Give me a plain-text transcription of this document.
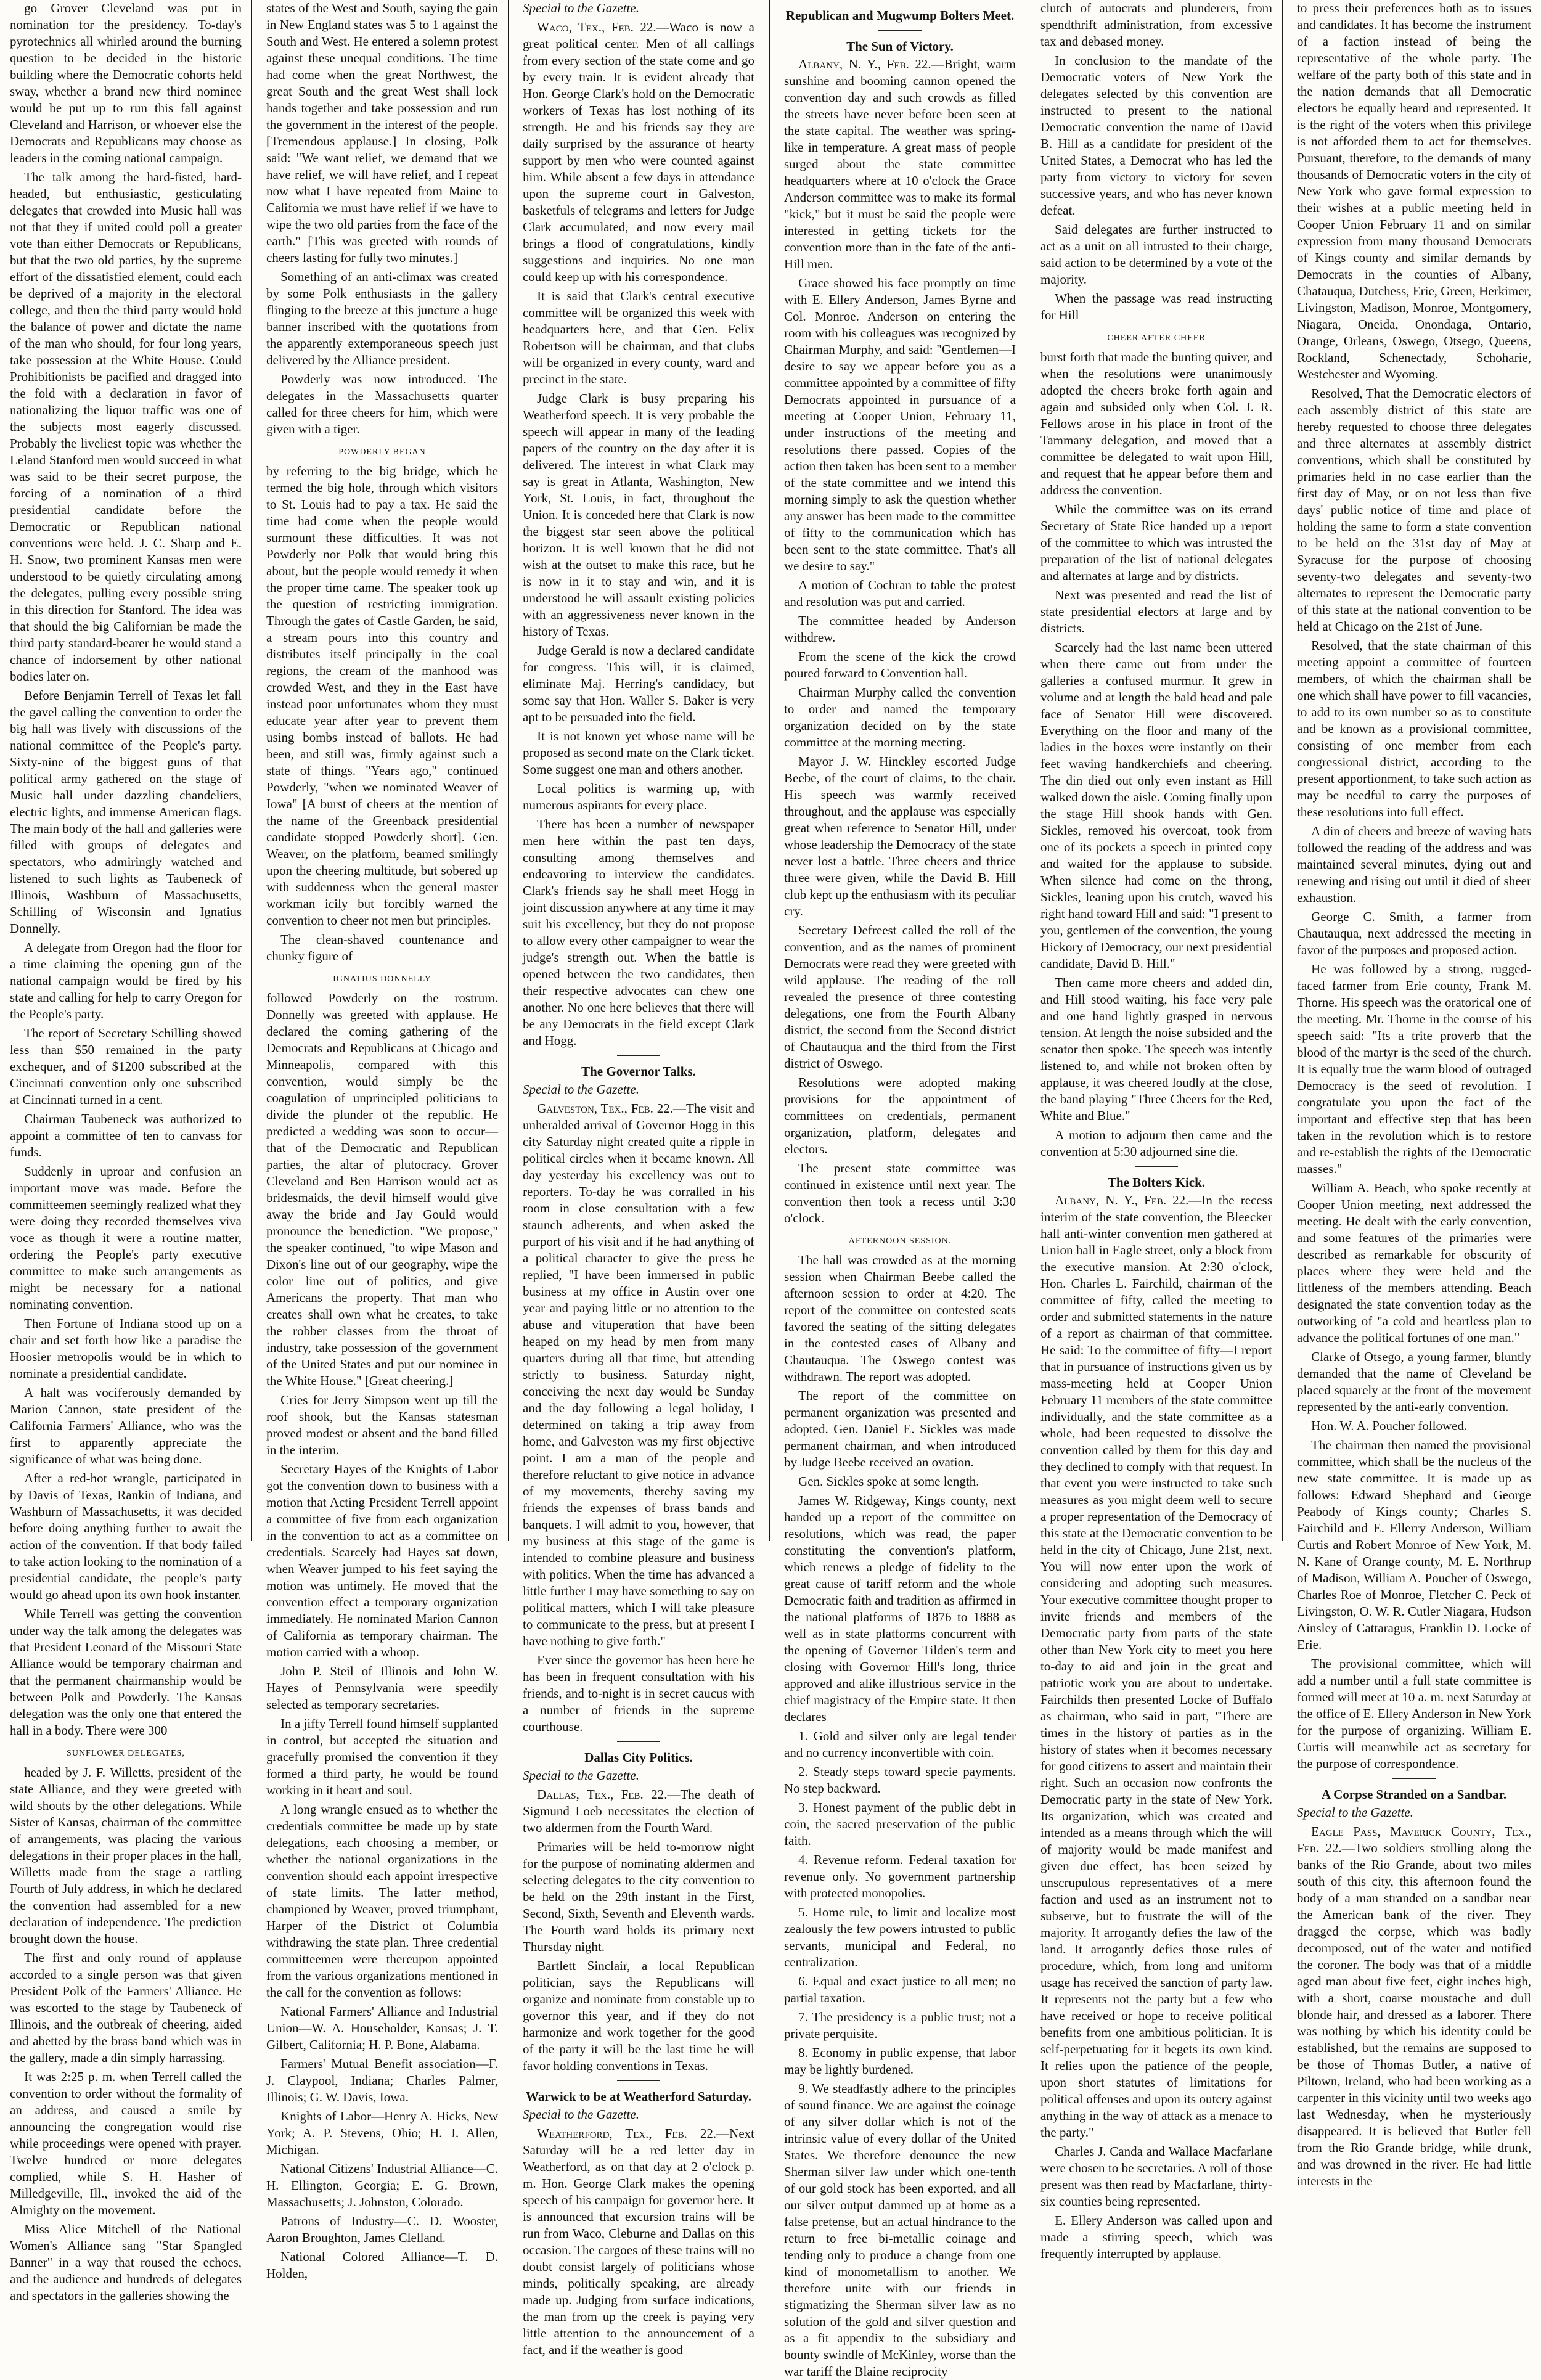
go Grover Cleveland was put in nomination for the presidency. To-day's pyrotechnics all whirled around the burning question to be decided in the historic building where the Democratic cohorts held sway, whether a brand new third nominee would be put up to run this fall against Cleveland and Harrison, or whoever else the Democrats and Republicans may choose as leaders in the coming national campaign.

The talk among the hard-fisted, hard-headed, but enthusiastic, gesticulating delegates that crowded into Music hall was not that they if united could poll a greater vote than either Democrats or Republicans, but that the two old parties, by the supreme effort of the dissatisfied element, could each be deprived of a majority in the electoral college, and then the third party would hold the balance of power and dictate the name of the man who should, for four long years, take possession at the White House. Could Prohibitionists be pacified and dragged into the fold with a declaration in favor of nationalizing the liquor traffic was one of the subjects most eagerly discussed. Probably the liveliest topic was whether the Leland Stanford men would succeed in what was said to be their secret purpose, the forcing of a nomination of a third presidential candidate before the Democratic or Republican national conventions were held. J. C. Sharp and E. H. Snow, two prominent Kansas men were understood to be quietly circulating among the delegates, pulling every possible string in this direction for Stanford. The idea was that should the big Californian be made the third party standard-bearer he would stand a chance of indorsement by other national bodies later on.

Before Benjamin Terrell of Texas let fall the gavel calling the convention to order the big hall was lively with discussions of the national committee of the People's party. Sixty-nine of the biggest guns of that political army gathered on the stage of Music hall under dazzling chandeliers, electric lights, and immense American flags. The main body of the hall and galleries were filled with groups of delegates and spectators, who admiringly watched and listened to such lights as Taubeneck of Illinois, Washburn of Massachusetts, Schilling of Wisconsin and Ignatius Donnelly.

A delegate from Oregon had the floor for a time claiming the opening gun of the national campaign would be fired by his state and calling for help to carry Oregon for the People's party.

The report of Secretary Schilling showed less than $50 remained in the party exchequer, and of $1200 subscribed at the Cincinnati convention only one subscribed at Cincinnati turned in a cent.

Chairman Taubeneck was authorized to appoint a committee of ten to canvass for funds.

Suddenly in uproar and confusion an important move was made. Before the committeemen seemingly realized what they were doing they recorded themselves viva voce as though it were a routine matter, ordering the People's party executive committee to make such arrangements as might be necessary for a national nominating convention.

Then Fortune of Indiana stood up on a chair and set forth how like a paradise the Hoosier metropolis would be in which to nominate a presidential candidate.

A halt was vociferously demanded by Marion Cannon, state president of the California Farmers' Alliance, who was the first to apparently appreciate the significance of what was being done.

After a red-hot wrangle, participated in by Davis of Texas, Rankin of Indiana, and Washburn of Massachusetts, it was decided before doing anything further to await the action of the convention. If that body failed to take action looking to the nomination of a presidential candidate, the people's party would go ahead upon its own hook instanter.

While Terrell was getting the convention under way the talk among the delegates was that President Leonard of the Missouri State Alliance would be temporary chairman and that the permanent chairmanship would be between Polk and Powderly. The Kansas delegation was the only one that entered the hall in a body. There were 300

SUNFLOWER DELEGATES,

headed by J. F. Willetts, president of the state Alliance, and they were greeted with wild shouts by the other delegations. While Sister of Kansas, chairman of the committee of arrangements, was placing the various delegations in their proper places in the hall, Willetts made from the stage a rattling Fourth of July address, in which he declared the convention had assembled for a new declaration of independence. The prediction brought down the house.

The first and only round of applause accorded to a single person was that given President Polk of the Farmers' Alliance. He was escorted to the stage by Taubeneck of Illinois, and the outbreak of cheering, aided and abetted by the brass band which was in the gallery, made a din simply harrassing.

It was 2:25 p. m. when Terrell called the convention to order without the formality of an address, and caused a smile by announcing the congregation would rise while proceedings were opened with prayer. Twelve hundred or more delegates complied, while S. H. Hasher of Milledgeville, Ill., invoked the aid of the Almighty on the movement.

Miss Alice Mitchell of the National Women's Alliance sang "Star Spangled Banner" in a way that roused the echoes, and the audience and hundreds of delegates and spectators in the galleries showing the

states of the West and South, saying the gain in New England states was 5 to 1 against the South and West. He entered a solemn protest against these unequal conditions. The time had come when the great Northwest, the great South and the great West shall lock hands together and take possession and run the government in the interest of the people. [Tremendous applause.] In closing, Polk said: "We want relief, we demand that we have relief, we will have relief, and I repeat now what I have repeated from Maine to California we must have relief if we have to wipe the two old parties from the face of the earth." [This was greeted with rounds of cheers lasting for fully two minutes.]

Something of an anti-climax was created by some Polk enthusiasts in the gallery flinging to the breeze at this juncture a huge banner inscribed with the quotations from the apparently extemporaneous speech just delivered by the Alliance president.

Powderly was now introduced. The delegates in the Massachusetts quarter called for three cheers for him, which were given with a tiger.

POWDERLY BEGAN

by referring to the big bridge, which he termed the big hole, through which visitors to St. Louis had to pay a tax. He said the time had come when the people would surmount these difficulties. It was not Powderly nor Polk that would bring this about, but the people would remedy it when the proper time came. The speaker took up the question of restricting immigration. Through the gates of Castle Garden, he said, a stream pours into this country and distributes itself principally in the coal regions, the cream of the manhood was crowded West, and they in the East have instead poor unfortunates whom they must educate year after year to prevent them using bombs instead of ballots. He had been, and still was, firmly against such a state of things. "Years ago," continued Powderly, "when we nominated Weaver of Iowa" [A burst of cheers at the mention of the name of the Greenback presidential candidate stopped Powderly short]. Gen. Weaver, on the platform, beamed smilingly upon the cheering multitude, but sobered up with suddenness when the general master workman icily but forcibly warned the convention to cheer not men but principles.

The clean-shaved countenance and chunky figure of

IGNATIUS DONNELLY

followed Powderly on the rostrum. Donnelly was greeted with applause. He declared the coming gathering of the Democrats and Republicans at Chicago and Minneapolis, compared with this convention, would simply be the coagulation of unprincipled politicians to divide the plunder of the republic. He predicted a wedding was soon to occur—that of the Democratic and Republican parties, the altar of plutocracy. Grover Cleveland and Ben Harrison would act as bridesmaids, the devil himself would give away the bride and Jay Gould would pronounce the benediction. "We propose," the speaker continued, "to wipe Mason and Dixon's line out of our geography, wipe the color line out of politics, and give Americans the property. That man who creates shall own what he creates, to take the robber classes from the throat of industry, take possession of the government of the United States and put our nominee in the White House." [Great cheering.]

Cries for Jerry Simpson went up till the roof shook, but the Kansas statesman proved modest or absent and the band filled in the interim.

Secretary Hayes of the Knights of Labor got the convention down to business with a motion that Acting President Terrell appoint a committee of five from each organization in the convention to act as a committee on credentials. Scarcely had Hayes sat down, when Weaver jumped to his feet saying the motion was untimely. He moved that the convention effect a temporary organization immediately. He nominated Marion Cannon of California as temporary chairman. The motion carried with a whoop.

John P. Steil of Illinois and John W. Hayes of Pennsylvania were speedily selected as temporary secretaries.

In a jiffy Terrell found himself supplanted in control, but accepted the situation and gracefully promised the convention if they formed a third party, he would be found working in it heart and soul.

A long wrangle ensued as to whether the credentials committee be made up by state delegations, each choosing a member, or whether the national organizations in the convention should each appoint irrespective of state limits. The latter method, championed by Weaver, proved triumphant, Harper of the District of Columbia withdrawing the state plan. Three credential committeemen were thereupon appointed from the various organizations mentioned in the call for the convention as follows:

National Farmers' Alliance and Industrial Union—W. A. Householder, Kansas; J. T. Gilbert, California; H. P. Bone, Alabama.

Farmers' Mutual Benefit association—F. J. Claypool, Indiana; Charles Palmer, Illinois; G. W. Davis, Iowa.

Knights of Labor—Henry A. Hicks, New York; A. P. Stevens, Ohio; H. J. Allen, Michigan.

National Citizens' Industrial Alliance—C. H. Ellington, Georgia; E. G. Brown, Massachusetts; J. Johnston, Colorado.

Patrons of Industry—C. D. Wooster, Aaron Broughton, James Clelland.

National Colored Alliance—T. D. Holden,

Special to the Gazette.

Waco, Tex., Feb. 22.—Waco is now a great political center. Men of all callings from every section of the state come and go by every train. It is evident already that Hon. George Clark's hold on the Democratic workers of Texas has lost nothing of its strength. He and his friends say they are daily surprised by the assurance of hearty support by men who were counted against him. While absent a few days in attendance upon the supreme court in Galveston, basketfuls of telegrams and letters for Judge Clark accumulated, and now every mail brings a flood of congratulations, kindly suggestions and inquiries. No one man could keep up with his correspondence.

It is said that Clark's central executive committee will be organized this week with headquarters here, and that Gen. Felix Robertson will be chairman, and that clubs will be organized in every county, ward and precinct in the state.

Judge Clark is busy preparing his Weatherford speech. It is very probable the speech will appear in many of the leading papers of the country on the day after it is delivered. The interest in what Clark may say is great in Atlanta, Washington, New York, St. Louis, in fact, throughout the Union. It is conceded here that Clark is now the biggest star seen above the political horizon. It is well known that he did not wish at the outset to make this race, but he is now in it to stay and win, and it is understood he will assault existing policies with an aggressiveness never known in the history of Texas.

Judge Gerald is now a declared candidate for congress. This will, it is claimed, eliminate Maj. Herring's candidacy, but some say that Hon. Waller S. Baker is very apt to be persuaded into the field.

It is not known yet whose name will be proposed as second mate on the Clark ticket. Some suggest one man and others another.

Local politics is warming up, with numerous aspirants for every place.

There has been a number of newspaper men here within the past ten days, consulting among themselves and endeavoring to interview the candidates. Clark's friends say he shall meet Hogg in joint discussion anywhere at any time it may suit his excellency, but they do not propose to allow every other campaigner to wear the judge's strength out. When the battle is opened between the two candidates, then their respective advocates can chew one another. No one here believes that there will be any Democrats in the field except Clark and Hogg.

The Governor Talks.

Special to the Gazette.

Galveston, Tex., Feb. 22.—The visit and unheralded arrival of Governor Hogg in this city Saturday night created quite a ripple in political circles when it became known. All day yesterday his excellency was out to reporters. To-day he was corralled in his room in close consultation with a few staunch adherents, and when asked the purport of his visit and if he had anything of a political character to give the press he replied, "I have been immersed in public business at my office in Austin over one year and paying little or no attention to the abuse and vituperation that have been heaped on my head by men from many quarters during all that time, but attending strictly to business. Saturday night, conceiving the next day would be Sunday and the day following a legal holiday, I determined on taking a trip away from home, and Galveston was my first objective point. I am a man of the people and therefore reluctant to give notice in advance of my movements, thereby saving my friends the expenses of brass bands and banquets. I will admit to you, however, that my business at this stage of the game is intended to combine pleasure and business with politics. When the time has advanced a little further I may have something to say on political matters, which I will take pleasure to communicate to the press, but at present I have nothing to give forth."

Ever since the governor has been here he has been in frequent consultation with his friends, and to-night is in secret caucus with a number of friends in the supreme courthouse.

Dallas City Politics.

Special to the Gazette.

Dallas, Tex., Feb. 22.—The death of Sigmund Loeb necessitates the election of two aldermen from the Fourth Ward.

Primaries will be held to-morrow night for the purpose of nominating aldermen and selecting delegates to the city convention to be held on the 29th instant in the First, Second, Sixth, Seventh and Eleventh wards. The Fourth ward holds its primary next Thursday night.

Bartlett Sinclair, a local Republican politician, says the Republicans will organize and nominate from constable up to governor this year, and if they do not harmonize and work together for the good of the party it will be the last time he will favor holding conventions in Texas.

Warwick to be at Weatherford Saturday.

Special to the Gazette.

Weatherford, Tex., Feb. 22.—Next Saturday will be a red letter day in Weatherford, as on that day at 2 o'clock p. m. Hon. George Clark makes the opening speech of his campaign for governor here. It is announced that excursion trains will be run from Waco, Cleburne and Dallas on this occasion. The cargoes of these trains will no doubt consist largely of politicians whose minds, politically speaking, are already made up. Judging from surface indications, the man from up the creek is paying very little attention to the announcement of a fact, and if the weather is good

Republican and Mugwump Bolters Meet.
The Sun of Victory.

Albany, N. Y., Feb. 22.—Bright, warm sunshine and booming cannon opened the convention day and such crowds as filled the streets have never before been seen at the state capital. The weather was spring-like in temperature. A great mass of people surged about the state committee headquarters where at 10 o'clock the Grace Anderson committee was to make its formal "kick," but it must be said the people were interested in getting tickets for the convention more than in the fate of the anti-Hill men.

Grace showed his face promptly on time with E. Ellery Anderson, James Byrne and Col. Monroe. Anderson on entering the room with his colleagues was recognized by Chairman Murphy, and said: "Gentlemen—I desire to say we appear before you as a committee appointed by a committee of fifty Democrats appointed in pursuance of a meeting at Cooper Union, February 11, under instructions of the meeting and resolutions there passed. Copies of the action then taken has been sent to a member of the state committee and we intend this morning simply to ask the question whether any answer has been made to the committee of fifty to the communication which has been sent to the state committee. That's all we desire to say."

A motion of Cochran to table the protest and resolution was put and carried.

The committee headed by Anderson withdrew.

From the scene of the kick the crowd poured forward to Convention hall.

Chairman Murphy called the convention to order and named the temporary organization decided on by the state committee at the morning meeting.

Mayor J. W. Hinckley escorted Judge Beebe, of the court of claims, to the chair. His speech was warmly received throughout, and the applause was especially great when reference to Senator Hill, under whose leadership the Democracy of the state never lost a battle. Three cheers and thrice three were given, while the David B. Hill club kept up the enthusiasm with its peculiar cry.

Secretary Defreest called the roll of the convention, and as the names of prominent Democrats were read they were greeted with wild applause. The reading of the roll revealed the presence of three contesting delegations, one from the Fourth Albany district, the second from the Second district of Chautauqua and the third from the First district of Oswego.

Resolutions were adopted making provisions for the appointment of committees on credentials, permanent organization, platform, delegates and electors.

The present state committee was continued in existence until next year. The convention then took a recess until 3:30 o'clock.

AFTERNOON SESSION.

The hall was crowded as at the morning session when Chairman Beebe called the afternoon session to order at 4:20. The report of the committee on contested seats favored the seating of the sitting delegates in the contested cases of Albany and Chautauqua. The Oswego contest was withdrawn. The report was adopted.

The report of the committee on permanent organization was presented and adopted. Gen. Daniel E. Sickles was made permanent chairman, and when introduced by Judge Beebe received an ovation.

Gen. Sickles spoke at some length.

James W. Ridgeway, Kings county, next handed up a report of the committee on resolutions, which was read, the paper constituting the convention's platform, which renews a pledge of fidelity to the great cause of tariff reform and the whole Democratic faith and tradition as affirmed in the national platforms of 1876 to 1888 as well as in state platforms concurrent with the opening of Governor Tilden's term and closing with Governor Hill's long, thrice approved and alike illustrious service in the chief magistracy of the Empire state. It then declares

1. Gold and silver only are legal tender and no currency inconvertible with coin.

2. Steady steps toward specie payments. No step backward.

3. Honest payment of the public debt in coin, the sacred preservation of the public faith.

4. Revenue reform. Federal taxation for revenue only. No government partnership with protected monopolies.

5. Home rule, to limit and localize most zealously the few powers intrusted to public servants, municipal and Federal, no centralization.

6. Equal and exact justice to all men; no partial taxation.

7. The presidency is a public trust; not a private perquisite.

8. Economy in public expense, that labor may be lightly burdened.

9. We steadfastly adhere to the principles of sound finance. We are against the coinage of any silver dollar which is not of the intrinsic value of every dollar of the United States. We therefore denounce the new Sherman silver law under which one-tenth of our gold stock has been exported, and all our silver output dammed up at home as a false pretense, but an actual hindrance to the return to free bi-metallic coinage and tending only to produce a change from one kind of monometallism to another. We therefore unite with our friends in stigmatizing the Sherman silver law as no solution of the gold and silver question and as a fit appendix to the subsidiary and bounty swindle of McKinley, worse than the war tariff the Blaine reciprocity

clutch of autocrats and plunderers, from spendthrift administration, from excessive tax and debased money.

In conclusion to the mandate of the Democratic voters of New York the delegates selected by this convention are instructed to present to the national Democratic convention the name of David B. Hill as a candidate for president of the United States, a Democrat who has led the party from victory to victory for seven successive years, and who has never known defeat.

Said delegates are further instructed to act as a unit on all intrusted to their charge, said action to be determined by a vote of the majority.

When the passage was read instructing for Hill

CHEER AFTER CHEER

burst forth that made the bunting quiver, and when the resolutions were unanimously adopted the cheers broke forth again and again and subsided only when Col. J. R. Fellows arose in his place in front of the Tammany delegation, and moved that a committee be delegated to wait upon Hill, and request that he appear before them and address the convention.

While the committee was on its errand Secretary of State Rice handed up a report of the committee to which was intrusted the preparation of the list of national delegates and alternates at large and by districts.

Next was presented and read the list of state presidential electors at large and by districts.

Scarcely had the last name been uttered when there came out from under the galleries a confused murmur. It grew in volume and at length the bald head and pale face of Senator Hill were discovered. Everything on the floor and many of the ladies in the boxes were instantly on their feet waving handkerchiefs and cheering. The din died out only even instant as Hill walked down the aisle. Coming finally upon the stage Hill shook hands with Gen. Sickles, removed his overcoat, took from one of its pockets a speech in printed copy and waited for the applause to subside. When silence had come on the throng, Sickles, leaning upon his crutch, waved his right hand toward Hill and said: "I present to you, gentlemen of the convention, the young Hickory of Democracy, our next presidential candidate, David B. Hill."

Then came more cheers and added din, and Hill stood waiting, his face very pale and one hand lightly grasped in nervous tension. At length the noise subsided and the senator then spoke. The speech was intently listened to, and while not broken often by applause, it was cheered loudly at the close, the band playing "Three Cheers for the Red, White and Blue."

A motion to adjourn then came and the convention at 5:30 adjourned sine die.

The Bolters Kick.

Albany, N. Y., Feb. 22.—In the recess interim of the state convention, the Bleecker hall anti-winter convention men gathered at Union hall in Eagle street, only a block from the executive mansion. At 2:30 o'clock, Hon. Charles L. Fairchild, chairman of the committee of fifty, called the meeting to order and submitted statements in the nature of a report as chairman of that committee. He said: To the committee of fifty—I report that in pursuance of instructions given us by mass-meeting held at Cooper Union February 11 members of the state committee individually, and the state committee as a whole, had been requested to dissolve the convention called by them for this day and they declined to comply with that request. In that event you were instructed to take such measures as you might deem well to secure a proper representation of the Democracy of this state at the Democratic convention to be held in the city of Chicago, June 21st, next. You will now enter upon the work of considering and adopting such measures. Your executive committee thought proper to invite friends and members of the Democratic party from parts of the state other than New York city to meet you here to-day to aid and join in the great and patriotic work you are about to undertake. Fairchilds then presented Locke of Buffalo as chairman, who said in part, "There are times in the history of parties as in the history of states when it becomes necessary for good citizens to assert and maintain their right. Such an occasion now confronts the Democratic party in the state of New York. Its organization, which was created and intended as a means through which the will of majority would be made manifest and given due effect, has been seized by unscrupulous representatives of a mere faction and used as an instrument not to subserve, but to frustrate the will of the majority. It arrogantly defies the law of the land. It arrogantly defies those rules of procedure, which, from long and uniform usage has received the sanction of party law. It represents not the party but a few who have received or hope to receive political benefits from one ambitious politician. It is self-perpetuating for it begets its own kind. It relies upon the patience of the people, upon short statutes of limitations for political offenses and upon its outcry against anything in the way of attack as a menace to the party."

Charles J. Canda and Wallace Macfarlane were chosen to be secretaries. A roll of those present was then read by Macfarlane, thirty-six counties being represented.

E. Ellery Anderson was called upon and made a stirring speech, which was frequently interrupted by applause.

to press their preferences both as to issues and candidates. It has become the instrument of a faction instead of being the representative of the whole party. The welfare of the party both of this state and in the nation demands that all Democratic electors be equally heard and represented. It is the right of the voters when this privilege is not afforded them to act for themselves. Pursuant, therefore, to the demands of many thousands of Democratic voters in the city of New York who gave formal expression to their wishes at a public meeting held in Cooper Union February 11 and on similar expression from many thousand Democrats of Kings county and similar demands by Democrats in the counties of Albany, Chatauqua, Dutchess, Erie, Green, Herkimer, Livingston, Madison, Monroe, Montgomery, Niagara, Oneida, Onondaga, Ontario, Orange, Orleans, Oswego, Otsego, Queens, Rockland, Schenectady, Schoharie, Westchester and Wyoming.

Resolved, That the Democratic electors of each assembly district of this state are hereby requested to choose three delegates and three alternates at assembly district conventions, which shall be constituted by primaries held in no case earlier than the first day of May, or on not less than five days' public notice of time and place of holding the same to form a state convention to be held on the 31st day of May at Syracuse for the purpose of choosing seventy-two delegates and seventy-two alternates to represent the Democratic party of this state at the national convention to be held at Chicago on the 21st of June.

Resolved, that the state chairman of this meeting appoint a committee of fourteen members, of which the chairman shall be one which shall have power to fill vacancies, to add to its own number so as to constitute and be known as a provisional committee, consisting of one member from each congressional district, according to the present apportionment, to take such action as may be needful to carry the purposes of these resolutions into full effect.

A din of cheers and breeze of waving hats followed the reading of the address and was maintained several minutes, dying out and renewing and rising out until it died of sheer exhaustion.

George C. Smith, a farmer from Chautauqua, next addressed the meeting in favor of the purposes and proposed action.

He was followed by a strong, rugged-faced farmer from Erie county, Frank M. Thorne. His speech was the oratorical one of the meeting. Mr. Thorne in the course of his speech said: "Its a trite proverb that the blood of the martyr is the seed of the church. It is equally true the warm blood of outraged Democracy is the seed of revolution. I congratulate you upon the fact of the important and effective step that has been taken in the revolution which is to restore and re-establish the rights of the Democratic masses."

William A. Beach, who spoke recently at Cooper Union meeting, next addressed the meeting. He dealt with the early convention, and some features of the primaries were described as remarkable for obscurity of places where they were held and the littleness of the members attending. Beach designated the state convention today as the outworking of "a cold and heartless plan to advance the political fortunes of one man."

Clarke of Otsego, a young farmer, bluntly demanded that the name of Cleveland be placed squarely at the front of the movement represented by the anti-early convention.

Hon. W. A. Poucher followed.

The chairman then named the provisional committee, which shall be the nucleus of the new state committee. It is made up as follows: Edward Shephard and George Peabody of Kings county; Charles S. Fairchild and E. Ellerry Anderson, William Curtis and Robert Monroe of New York, M. N. Kane of Orange county, M. E. Northrup of Madison, William A. Poucher of Oswego, Charles Roe of Monroe, Fletcher C. Peck of Livingston, O. W. R. Cutler Niagara, Hudson Ainsley of Cattaragus, Franklin D. Locke of Erie.

The provisional committee, which will add a number until a full state committee is formed will meet at 10 a. m. next Saturday at the office of E. Ellery Anderson in New York for the purpose of organizing. William E. Curtis will meanwhile act as secretary for the purpose of correspondence.

A Corpse Stranded on a Sandbar.

Special to the Gazette.

Eagle Pass, Maverick County, Tex., Feb. 22.—Two soldiers strolling along the banks of the Rio Grande, about two miles south of this city, this afternoon found the body of a man stranded on a sandbar near the American bank of the river. They dragged the corpse, which was badly decomposed, out of the water and notified the coroner. The body was that of a middle aged man about five feet, eight inches high, with a short, coarse moustache and dull blonde hair, and dressed as a laborer. There was nothing by which his identity could be established, but the remains are supposed to be those of Thomas Butler, a native of Piltown, Ireland, who had been working as a carpenter in this vicinity until two weeks ago last Wednesday, when he mysteriously disappeared. It is believed that Butler fell from the Rio Grande bridge, while drunk, and was drowned in the river. He had little interests in the
